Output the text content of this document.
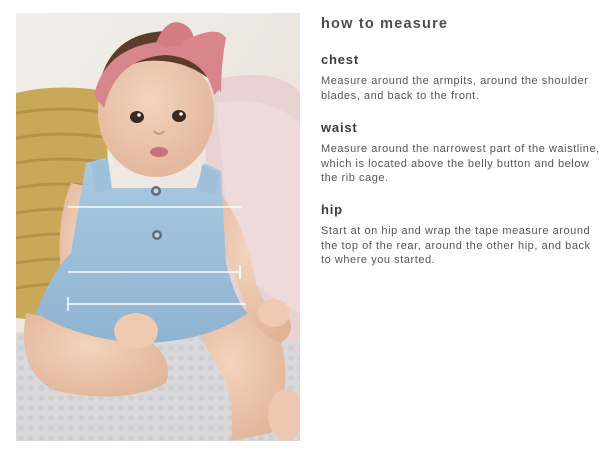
how to measure
chest

Measure around the armpits, around the shoulder blades, and back to the front.

waist

Measure around the narrowest part of the waistline, which is located above the belly button and below the rib cage.

hip

Start at on hip and wrap the tape measure around the top of the rear, around the other hip, and back to where you started.
